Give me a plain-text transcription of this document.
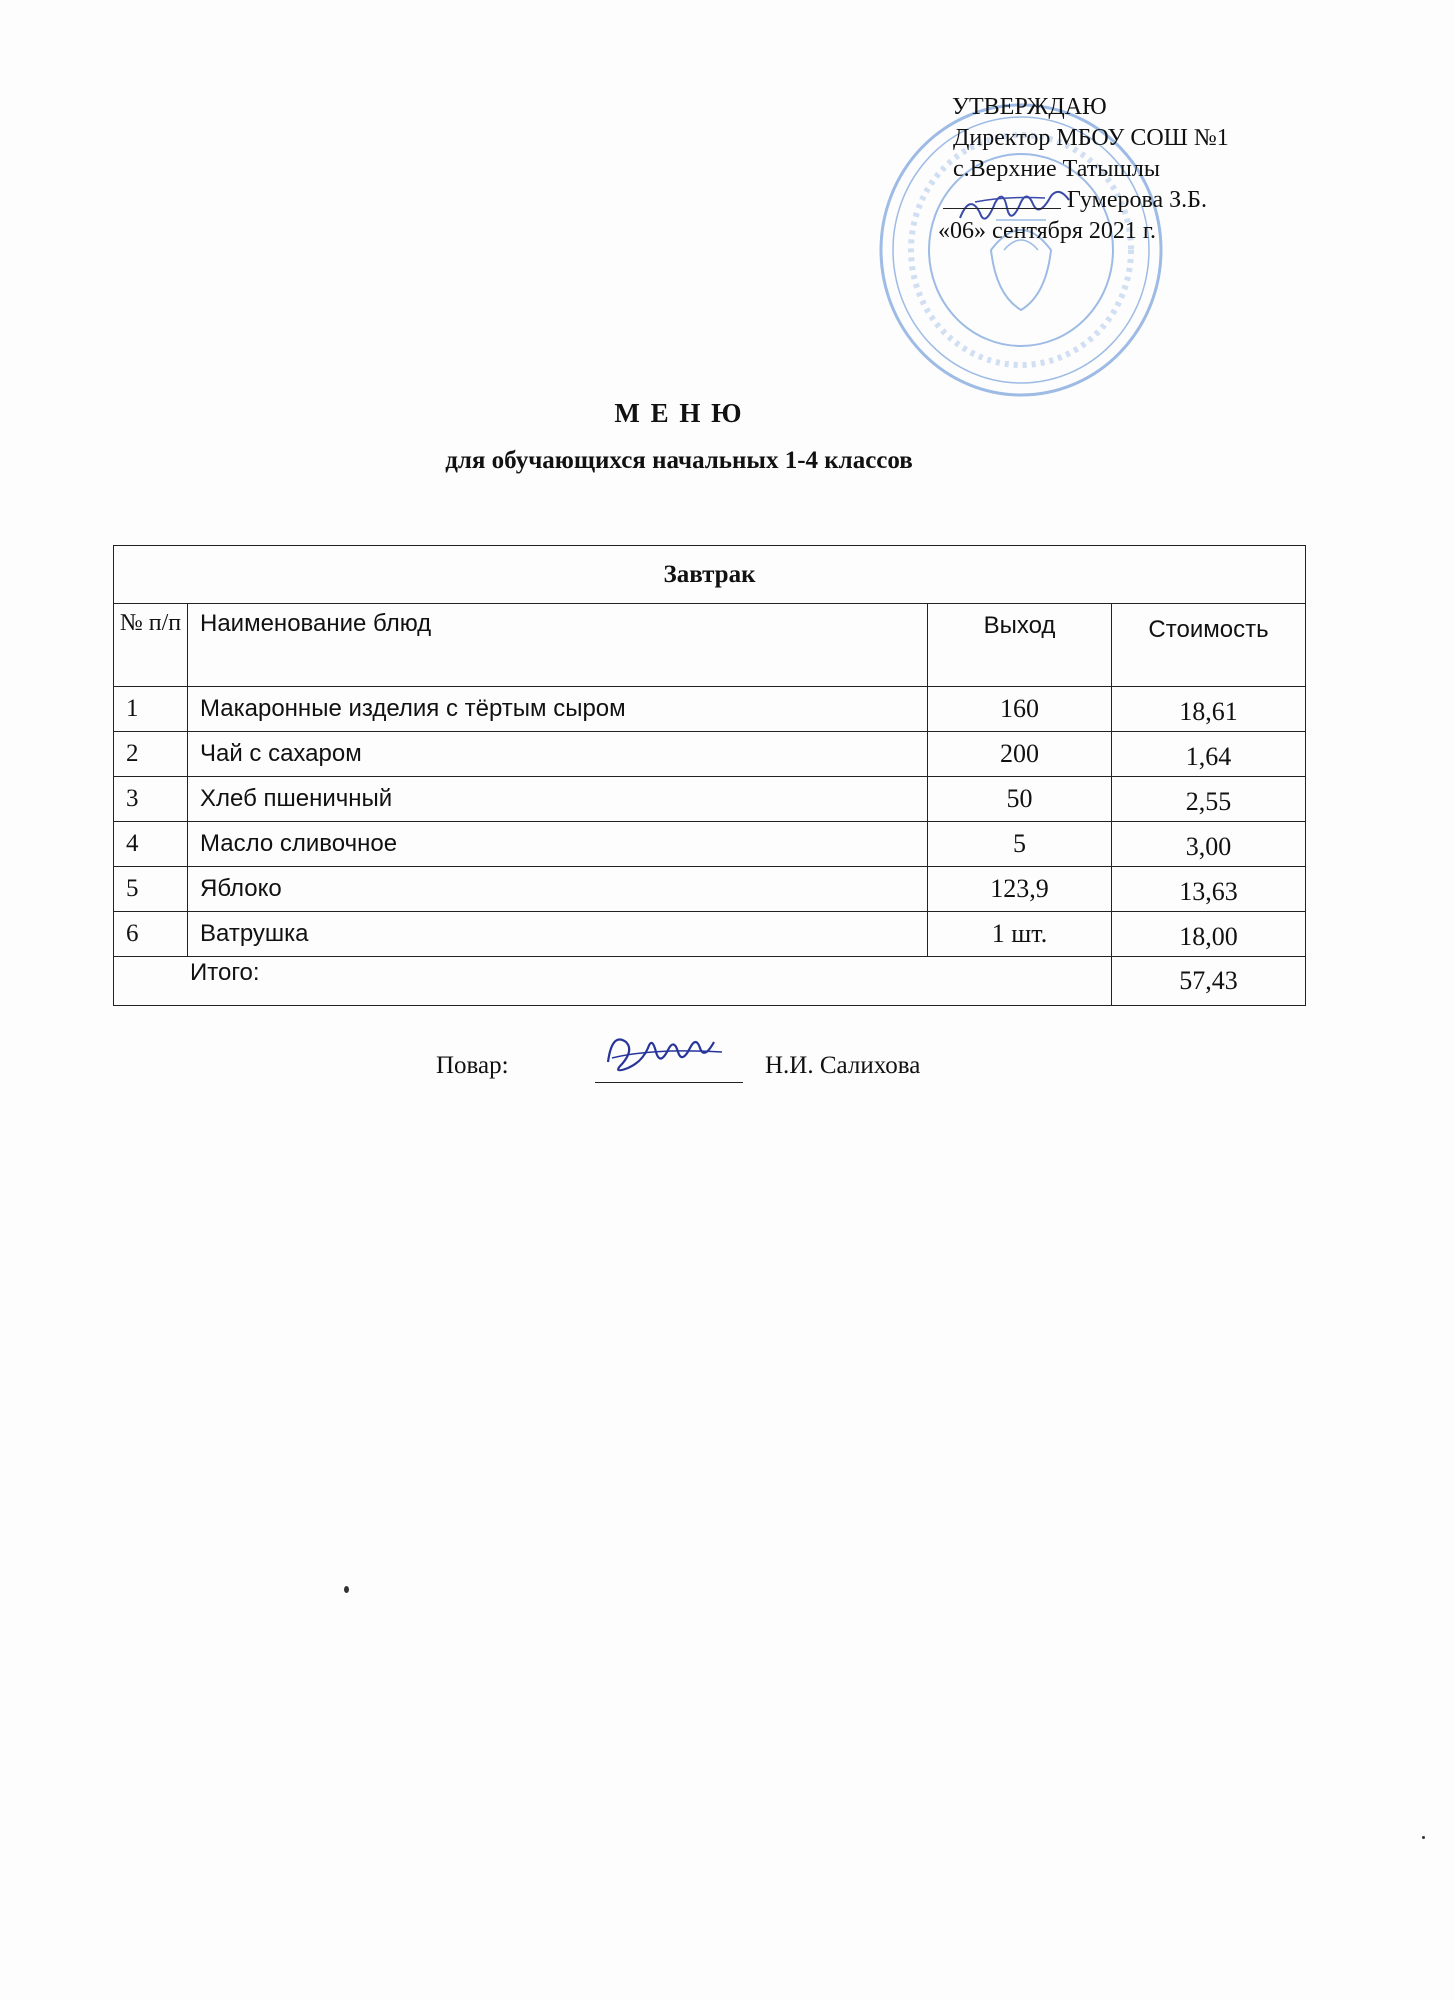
УТВЕРЖДАЮ
Директор МБОУ СОШ №1
с.Верхние Татышлы
Гумерова З.Б.
«06» сентября 2021 г.
М Е Н Ю
для обучающихся начальных 1-4 классов
Завтрак			
№ п/п	Наименование блюд	Выход	Стоимость
1	Макаронные изделия с тёртым сыром	160	18,61
2	Чай с сахаром	200	1,64
3	Хлеб пшеничный	50	2,55
4	Масло сливочное	5	3,00
5	Яблоко	123,9	13,63
6	Ватрушка	1 шт.	18,00
Итого:			57,43
Повар:	Н.И. Салихова
